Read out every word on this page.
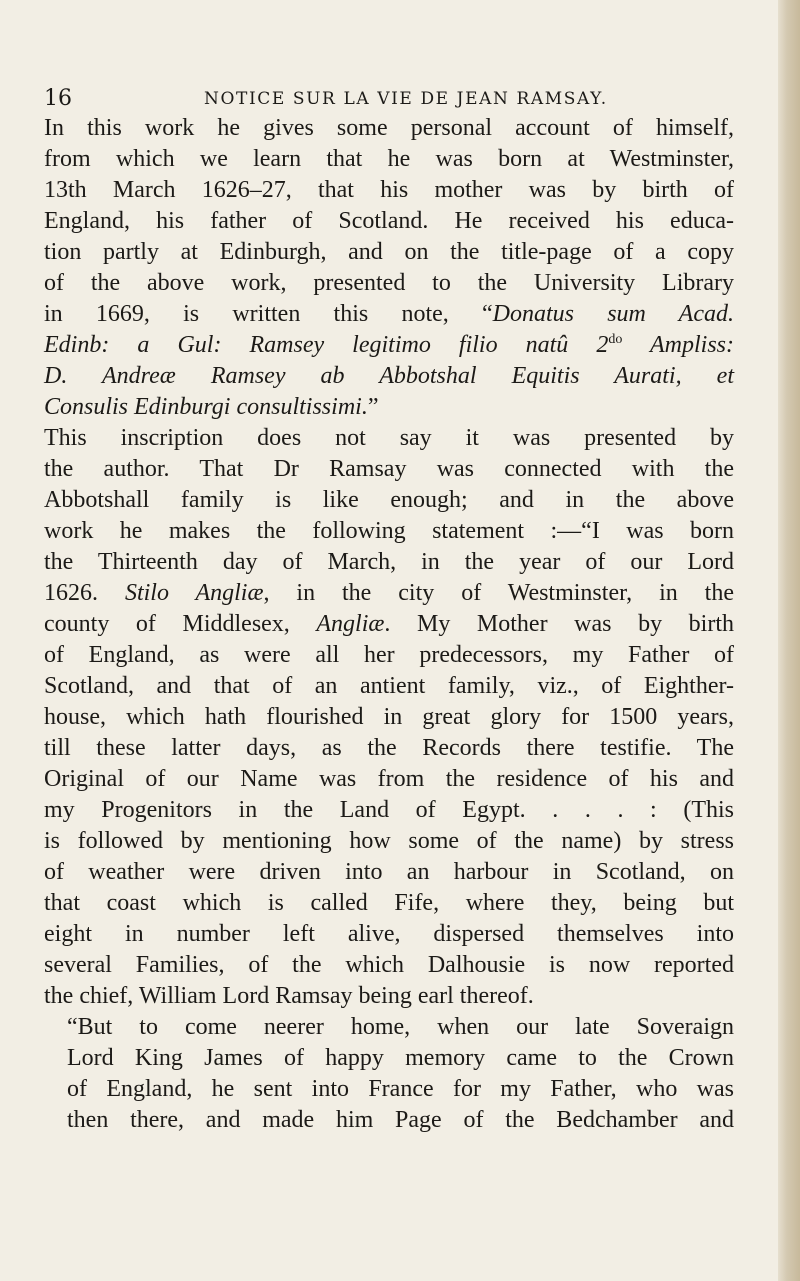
16	NOTICE SUR LA VIE DE JEAN RAMSAY.

In this work he gives some personal account of himself,
from which we learn that he was born at Westminster,
13th March 1626–27, that his mother was by birth of
England, his father of Scotland. He received his educa-
tion partly at Edinburgh, and on the title-page of a copy
of the above work, presented to the University Library
in 1669, is written this note, “Donatus sum Acad.
Edinb: a Gul: Ramsey legitimo filio natû $2^{do}$ Ampliss:
D. Andreæ Ramsey ab Abbotshal Equitis Aurati, et
Consulis Edinburgi consultissimi.”
This inscription does not say it was presented by
the author. That Dr Ramsay was connected with the
Abbotshall family is like enough; and in the above
work he makes the following statement :—“I was born
the Thirteenth day of March, in the year of our Lord
1626. Stilo Angliæ, in the city of Westminster, in the
county of Middlesex, Angliæ. My Mother was by birth
of England, as were all her predecessors, my Father of
Scotland, and that of an antient family, viz., of Eighther-
house, which hath flourished in great glory for 1500 years,
till these latter days, as the Records there testifie. The
Original of our Name was from the residence of his and
my Progenitors in the Land of Egypt. . . . : (This
is followed by mentioning how some of the name) by stress
of weather were driven into an harbour in Scotland, on
that coast which is called Fife, where they, being but
eight in number left alive, dispersed themselves into
several Families, of the which Dalhousie is now reported
the chief, William Lord Ramsay being earl thereof.

“But to come neerer home, when our late Soveraign
Lord King James of happy memory came to the Crown
of England, he sent into France for my Father, who was
then there, and made him Page of the Bedchamber and
